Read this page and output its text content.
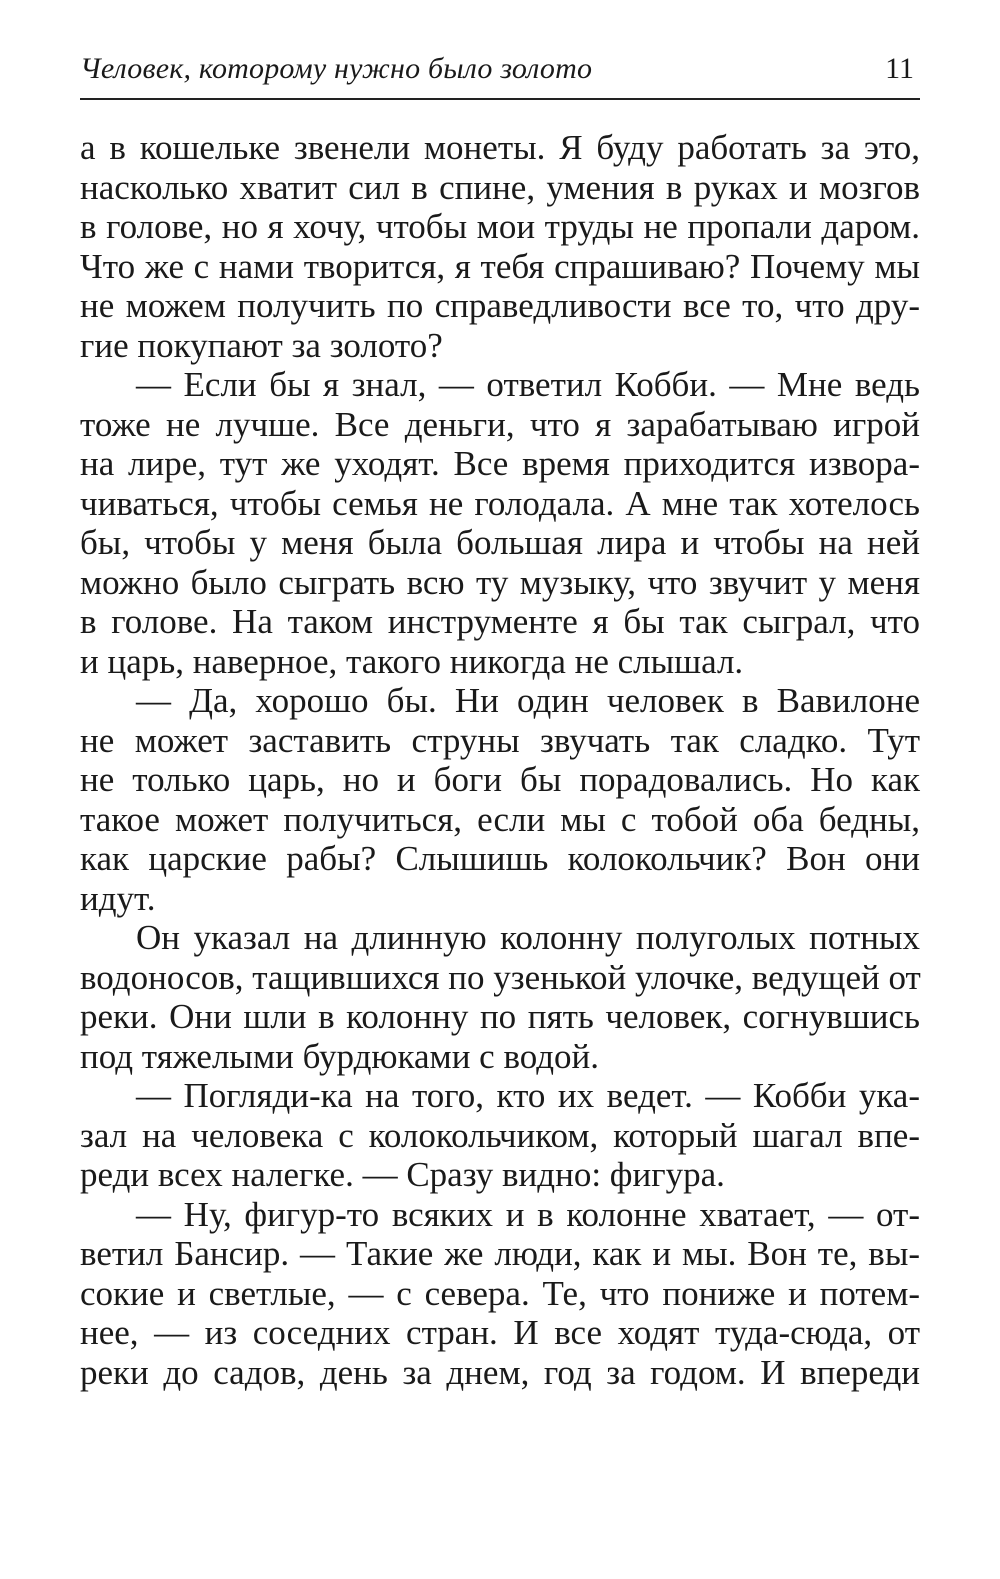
Человек, которому нужно было золото	11
а в кошельке звенели монеты. Я буду работать за это,
насколько хватит сил в спине, умения в руках и мозгов
в голове, но я хочу, чтобы мои труды не пропали даром.
Что же с нами творится, я тебя спрашиваю? Почему мы
не можем получить по справедливости все то, что дру-
гие покупают за золото?
— Если бы я знал, — ответил Кобби. — Мне ведь
тоже не лучше. Все деньги, что я зарабатываю игрой
на лире, тут же уходят. Все время приходится извора-
чиваться, чтобы семья не голодала. А мне так хотелось
бы, чтобы у меня была большая лира и чтобы на ней
можно было сыграть всю ту музыку, что звучит у меня
в голове. На таком инструменте я бы так сыграл, что
и царь, наверное, такого никогда не слышал.
— Да, хорошо бы. Ни один человек в Вавилоне
не может заставить струны звучать так сладко. Тут
не только царь, но и боги бы порадовались. Но как
такое может получиться, если мы с тобой оба бедны,
как царские рабы? Слышишь колокольчик? Вон они
идут.
Он указал на длинную колонну полуголых потных
водоносов, тащившихся по узенькой улочке, ведущей от
реки. Они шли в колонну по пять человек, согнувшись
под тяжелыми бурдюками с водой.
— Погляди-ка на того, кто их ведет. — Кобби ука-
зал на человека с колокольчиком, который шагал впе-
реди всех налегке. — Сразу видно: фигура.
— Ну, фигур-то всяких и в колонне хватает, — от-
ветил Бансир. — Такие же люди, как и мы. Вон те, вы-
сокие и светлые, — с севера. Те, что пониже и потем-
нее, — из соседних стран. И все ходят туда-сюда, от
реки до садов, день за днем, год за годом. И впереди
